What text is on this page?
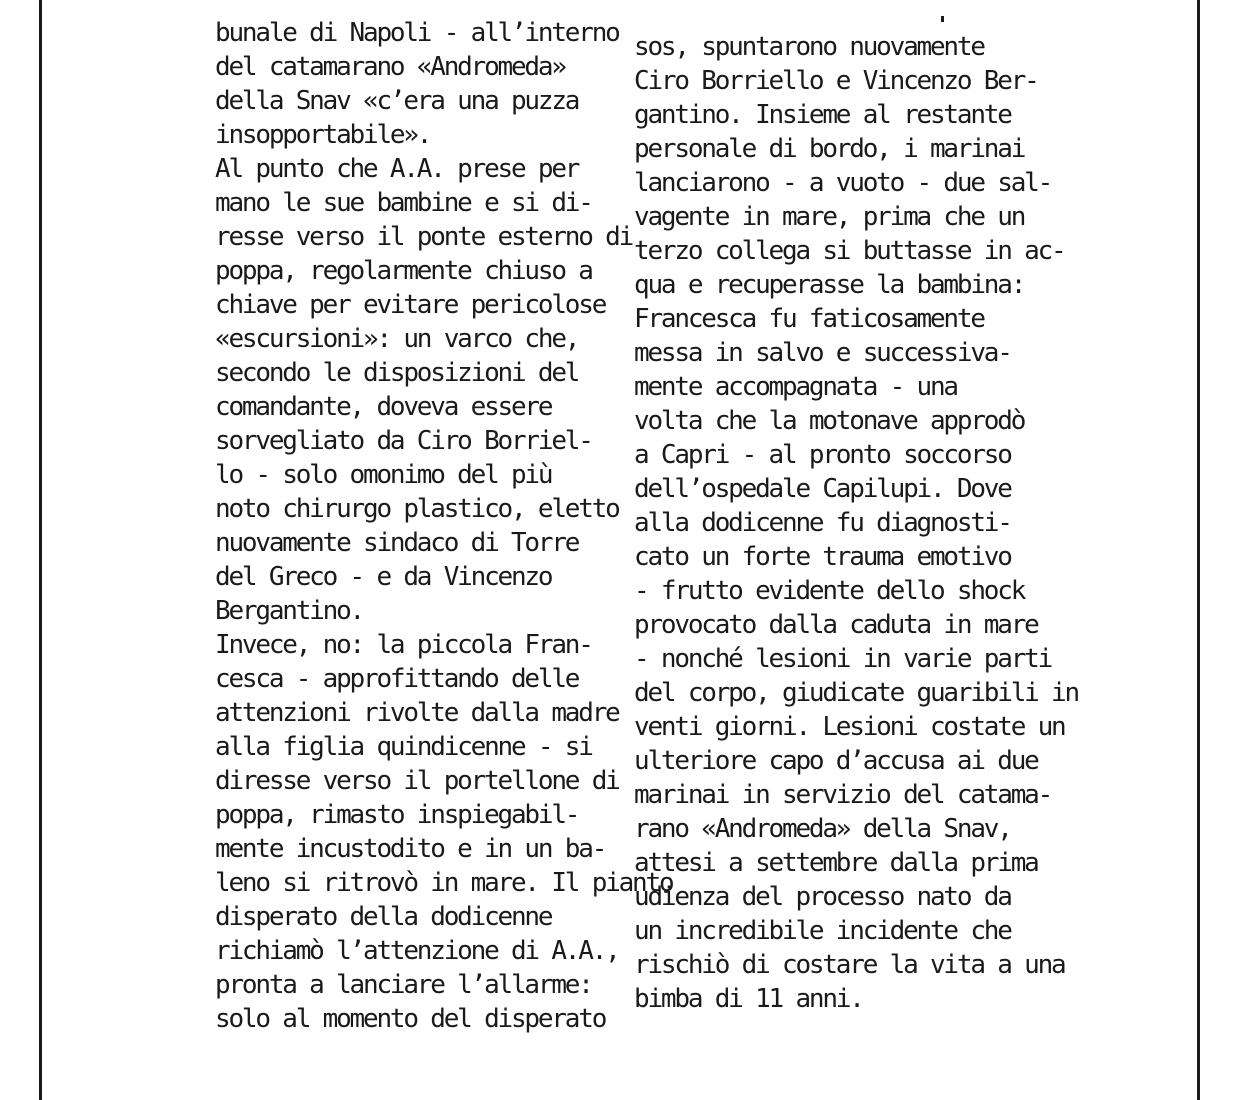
bunale di Napoli - all’interno
del catamarano «Andromeda»
della Snav «c’era una puzza
insopportabile».
Al punto che A.A. prese per
mano le sue bambine e si di-
resse verso il ponte esterno di
poppa, regolarmente chiuso a
chiave per evitare pericolose
«escursioni»: un varco che,
secondo le disposizioni del
comandante, doveva essere
sorvegliato da Ciro Borriel-
lo - solo omonimo del più
noto chirurgo plastico, eletto
nuovamente sindaco di Torre
del Greco - e da Vincenzo
Bergantino.
Invece, no: la piccola Fran-
cesca - approfittando delle
attenzioni rivolte dalla madre
alla figlia quindicenne - si
diresse verso il portellone di
poppa, rimasto inspiegabil-
mente incustodito e in un ba-
leno si ritrovò in mare. Il pianto
disperato della dodicenne
richiamò l’attenzione di A.A.,
pronta a lanciare l’allarme:
solo al momento del disperato
sos, spuntarono nuovamente
Ciro Borriello e Vincenzo Ber-
gantino. Insieme al restante
personale di bordo, i marinai
lanciarono - a vuoto - due sal-
vagente in mare, prima che un
terzo collega si buttasse in ac-
qua e recuperasse la bambina:
Francesca fu faticosamente
messa in salvo e successiva-
mente accompagnata - una
volta che la motonave approdò
a Capri - al pronto soccorso
dell’ospedale Capilupi. Dove
alla dodicenne fu diagnosti-
cato un forte trauma emotivo
- frutto evidente dello shock
provocato dalla caduta in mare
- nonché lesioni in varie parti
del corpo, giudicate guaribili in
venti giorni. Lesioni costate un
ulteriore capo d’accusa ai due
marinai in servizio del catama-
rano «Andromeda» della Snav,
attesi a settembre dalla prima
udienza del processo nato da
un incredibile incidente che
rischiò di costare la vita a una
bimba di 11 anni.
